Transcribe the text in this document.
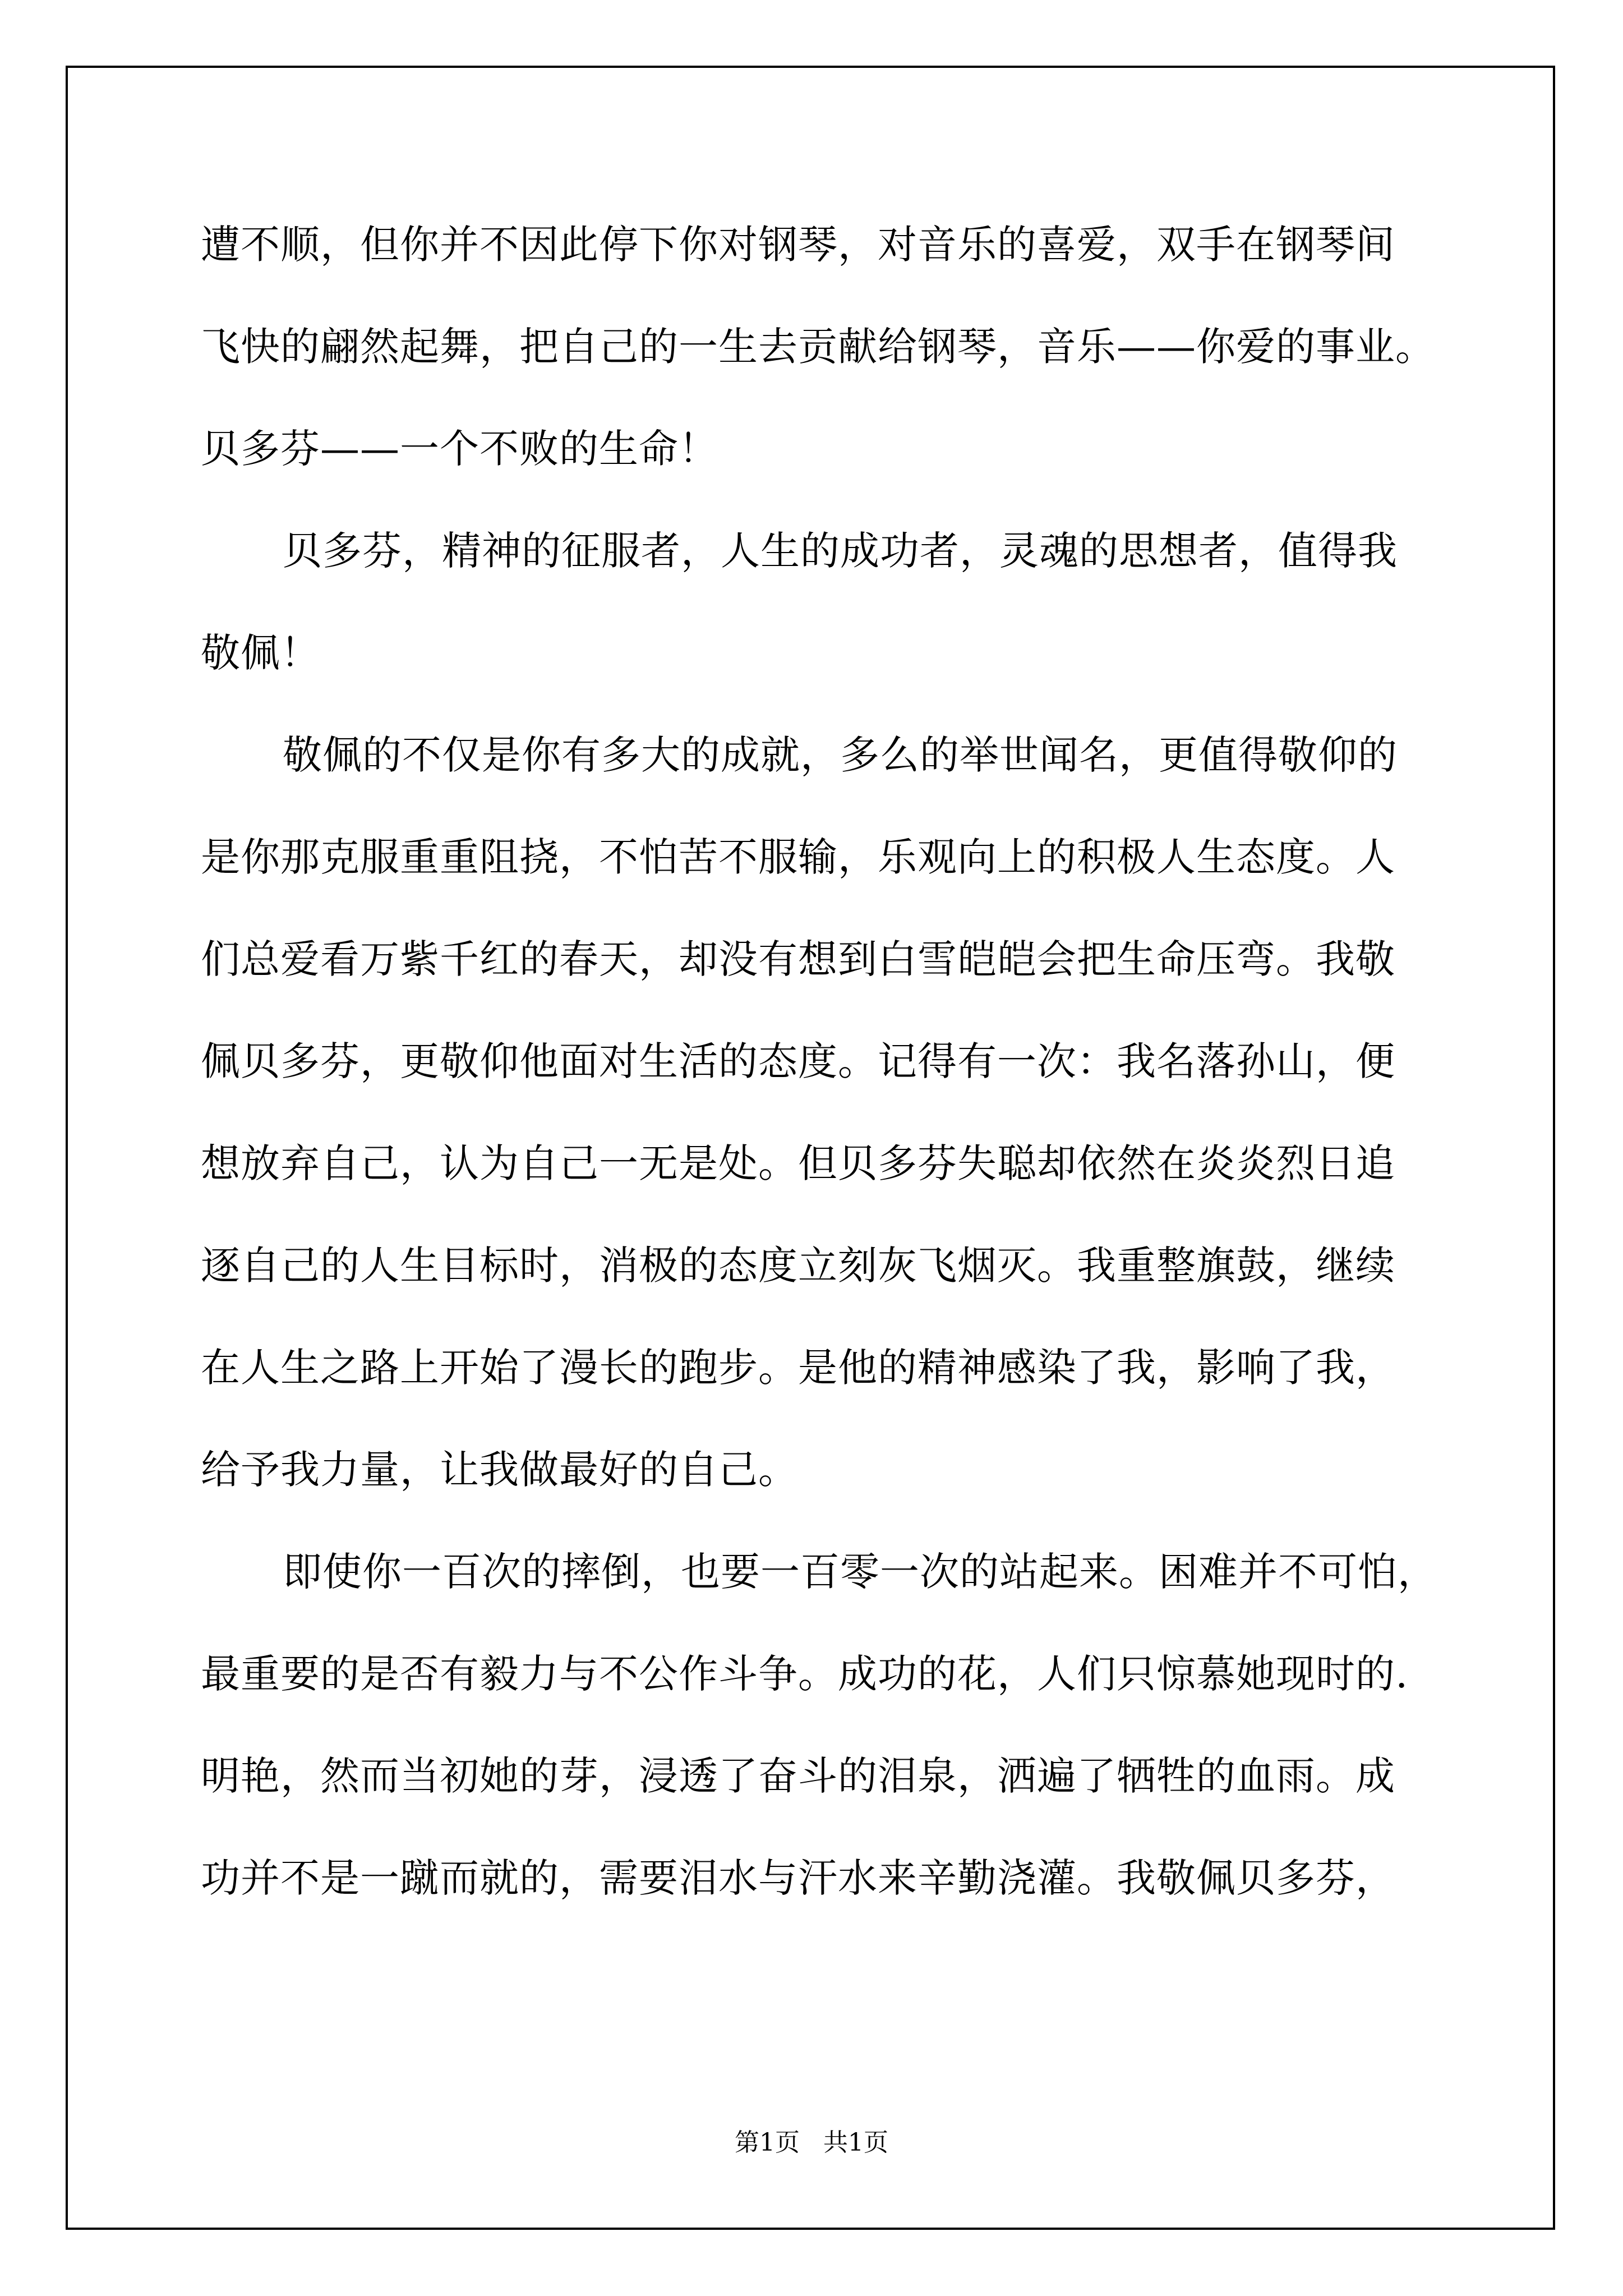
遭不顺，但你并不因此停下你对钢琴，对音乐的喜爱，双手在钢琴间
飞快的翩然起舞，把自己的一生去贡献给钢琴，音乐——你爱的事业。
贝多芬——一个不败的生命！
贝多芬，精神的征服者，人生的成功者，灵魂的思想者，值得我
敬佩！
敬佩的不仅是你有多大的成就，多么的举世闻名，更值得敬仰的
是你那克服重重阻挠，不怕苦不服输，乐观向上的积极人生态度。人
们总爱看万紫千红的春天，却没有想到白雪皑皑会把生命压弯。我敬
佩贝多芬，更敬仰他面对生活的态度。记得有一次：我名落孙山，便
想放弃自己，认为自己一无是处。但贝多芬失聪却依然在炎炎烈日追
逐自己的人生目标时，消极的态度立刻灰飞烟灭。我重整旗鼓，继续
在人生之路上开始了漫长的跑步。是他的精神感染了我，影响了我，
给予我力量，让我做最好的自己。
即使你一百次的摔倒，也要一百零一次的站起来。困难并不可怕，
最重要的是否有毅力与不公作斗争。成功的花，人们只惊慕她现时的.
明艳，然而当初她的芽，浸透了奋斗的泪泉，洒遍了牺牲的血雨。成
功并不是一蹴而就的，需要泪水与汗水来辛勤浇灌。我敬佩贝多芬，
第1页   共1页
